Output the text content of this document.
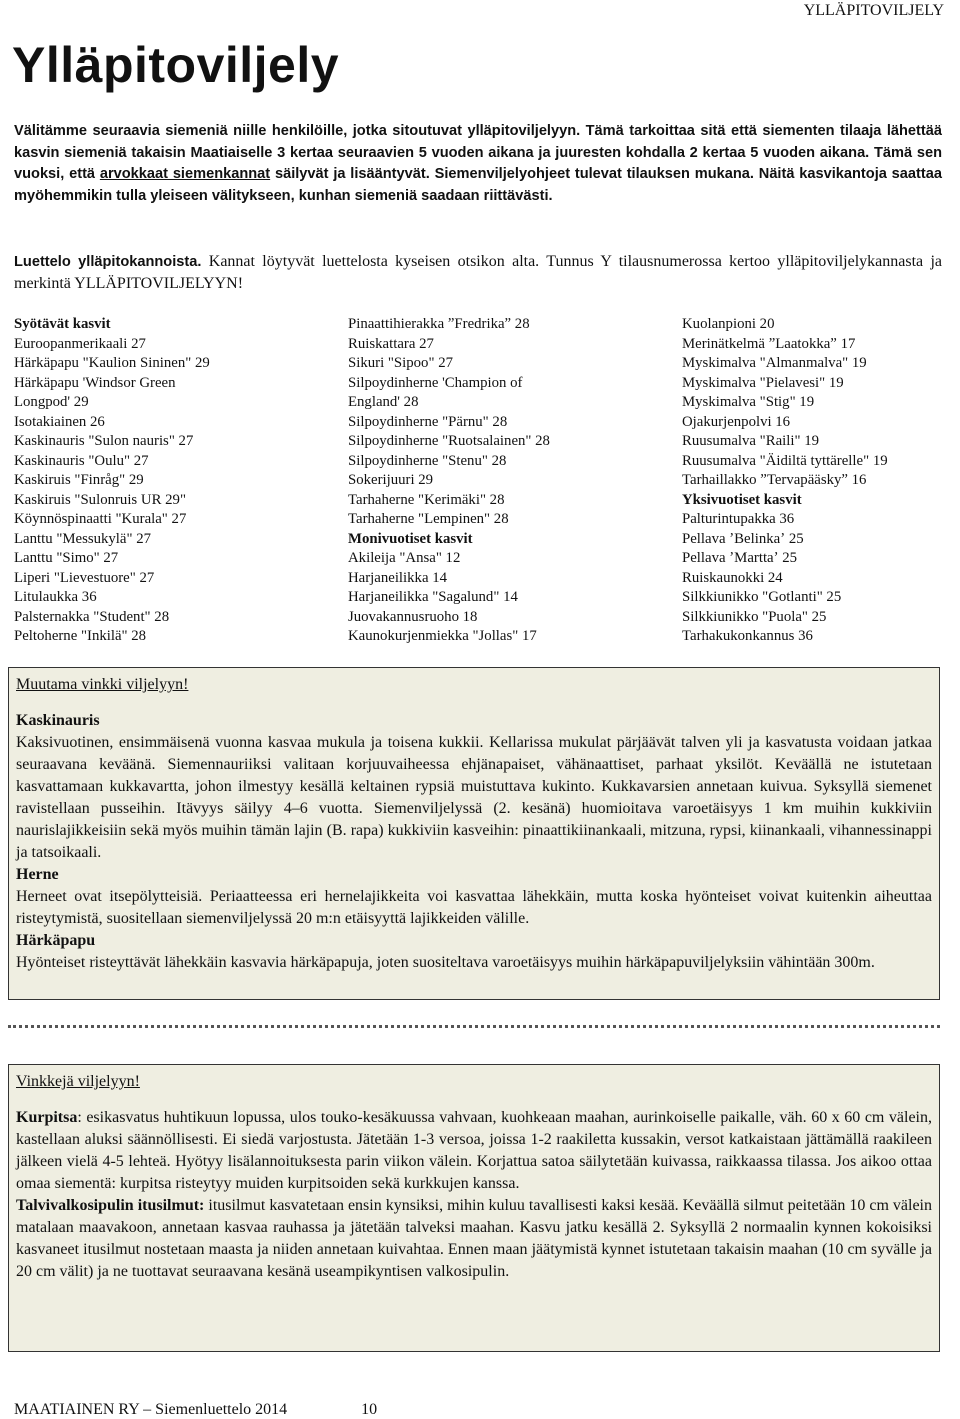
YLLÄPITOVILJELY
Ylläpitoviljely
Välitämme seuraavia siemeniä niille henkilöille, jotka sitoutuvat ylläpitoviljelyyn. Tämä tarkoittaa sitä että siementen tilaaja lähettää kasvin siemeniä takaisin Maatiaiselle 3 kertaa seuraavien 5 vuoden aikana ja juuresten kohdalla 2 kertaa 5 vuoden aikana. Tämä sen vuoksi, että arvokkaat siemenkannat säilyvät ja lisääntyvät. Siemenviljelyohjeet tulevat tilauksen mukana. Näitä kasvikantoja saattaa myöhemmikin tulla yleiseen välitykseen, kunhan siemeniä saadaan riittävästi.
Luettelo ylläpitokannoista. Kannat löytyvät luettelosta kyseisen otsikon alta. Tunnus Y tilausnumerossa kertoo ylläpitoviljelykannasta ja merkintä YLLÄPITOVILJELYYN!
Syötävät kasvit
Euroopanmerikaali 27
Härkäpapu "Kaulion Sininen" 29
Härkäpapu 'Windsor Green
Longpod' 29
Isotakiainen 26
Kaskinauris "Sulon nauris" 27
Kaskinauris "Oulu" 27
Kaskiruis "Finråg" 29
Kaskiruis "Sulonruis UR 29"
Köynnöspinaatti "Kurala" 27
Lanttu "Messukylä" 27
Lanttu "Simo" 27
Liperi "Lievestuore" 27
Litulaukka 36
Palsternakka "Student" 28
Peltoherne "Inkilä" 28
Pinaattihierakka ˮFredrikaˮ 28
Ruiskattara 27
Sikuri "Sipoo" 27
Silpoydinherne 'Champion of
England' 28
Silpoydinherne "Pärnu" 28
Silpoydinherne "Ruotsalainen" 28
Silpoydinherne "Stenu" 28
Sokerijuuri 29
Tarhaherne "Kerimäki" 28
Tarhaherne "Lempinen" 28
Monivuotiset kasvit
Akileija "Ansa" 12
Harjaneilikka 14
Harjaneilikka "Sagalund" 14
Juovakannusruoho 18
Kaunokurjenmiekka "Jollas" 17
Kuolanpioni 20
Merinätkelmä ˮLaatokkaˮ 17
Myskimalva "Almanmalva" 19
Myskimalva "Pielavesi" 19
Myskimalva "Stig" 19
Ojakurjenpolvi 16
Ruusumalva "Raili" 19
Ruusumalva "Äidiltä tyttärelle" 19
Tarhaillakko ˮTervapääskyˮ 16
Yksivuotiset kasvit
Palturintupakka 36
Pellava ʼBelinkaʼ 25
Pellava ʼMarttaʼ 25
Ruiskaunokki 24
Silkkiunikko "Gotlanti" 25
Silkkiunikko "Puola" 25
Tarhakukonkannus 36
Muutama vinkki viljelyyn!
Kaskinauris

Kaksivuotinen, ensimmäisenä vuonna kasvaa mukula ja toisena kukkii. Kellarissa mukulat pärjäävät talven yli ja kasvatusta voidaan jatkaa seuraavana keväänä. Siemennauriiksi valitaan korjuuvaiheessa ehjänapaiset, vähänaattiset, parhaat yksilöt. Keväällä ne istutetaan kasvattamaan kukkavartta, johon ilmestyy kesällä keltainen rypsiä muistuttava kukinto. Kukkavarsien annetaan kuivua. Syksyllä siemenet ravistellaan pusseihin. Itävyys säilyy 4‒6 vuotta. Siemenviljelyssä (2. kesänä) huomioitava varoetäisyys 1 km muihin kukkiviin naurislajikkeisiin sekä myös muihin tämän lajin (B. rapa) kukkiviin kasveihin: pinaattikiinankaali, mitzuna, rypsi, kiinankaali, vihannessinappi ja tatsoikaali.

Herne

Herneet ovat itsepölytteisiä. Periaatteessa eri hernelajikkeita voi kasvattaa lähekkäin, mutta koska hyönteiset voivat kuitenkin aiheuttaa risteytymistä, suositellaan siemenviljelyssä 20 m:n etäisyyttä lajikkeiden välille.

Härkäpapu

Hyönteiset risteyttävät lähekkäin kasvavia härkäpapuja, joten suositeltava varoetäisyys muihin härkäpapuviljelyksiin vähintään 300m.

Vinkkejä viljelyyn!

Kurpitsa: esikasvatus huhtikuun lopussa, ulos touko-kesäkuussa vahvaan, kuohkeaan maahan, aurinkoiselle paikalle, väh. 60 x 60 cm välein, kastellaan aluksi säännöllisesti. Ei siedä varjostusta. Jätetään 1-3 versoa, joissa 1-2 raakiletta kussakin, versot katkaistaan jättämällä raakileen jälkeen vielä 4-5 lehteä. Hyötyy lisälannoituksesta parin viikon välein. Korjattua satoa säilytetään kuivassa, raikkaassa tilassa. Jos aikoo ottaa omaa siementä: kurpitsa risteytyy muiden kurpitsoiden sekä kurkkujen kanssa.

Talvivalkosipulin itusilmut: itusilmut kasvatetaan ensin kynsiksi, mihin kuluu tavallisesti kaksi kesää. Keväällä silmut peitetään 10 cm välein matalaan maavakoon, annetaan kasvaa rauhassa ja jätetään talveksi maahan. Kasvu jatku kesällä 2. Syksyllä 2 normaalin kynnen kokoisiksi kasvaneet itusilmut nostetaan maasta ja niiden annetaan kuivahtaa. Ennen maan jäätymistä kynnet istutetaan takaisin maahan (10 cm syvälle ja 20 cm välit) ja ne tuottavat seuraavana kesänä useampikyntisen valkosipulin.

MAATIAINEN RY – Siemenluettelo 2014	10
